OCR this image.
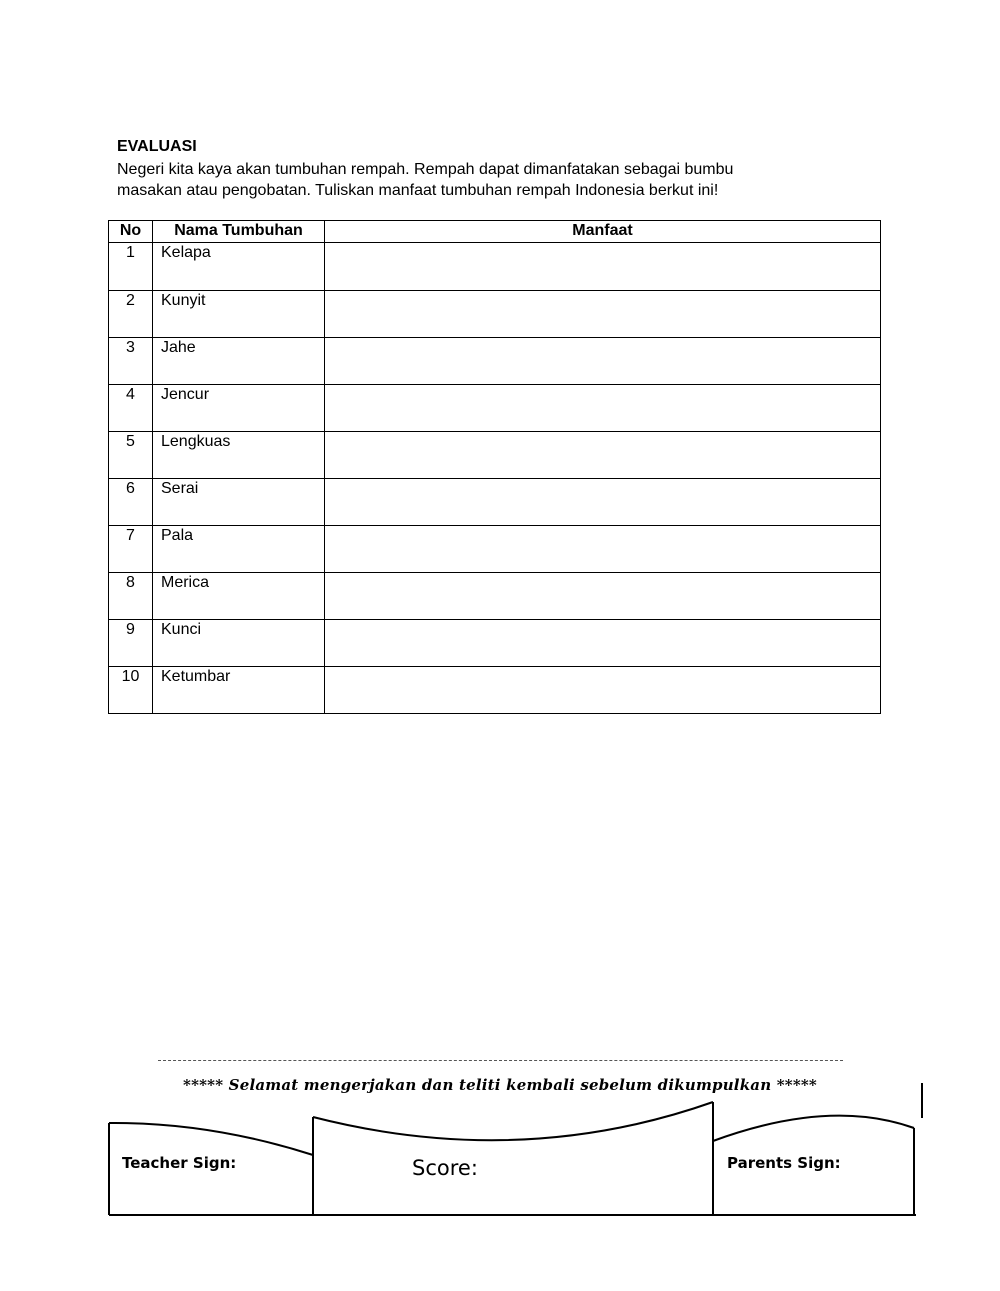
EVALUASI
Negeri kita kaya akan tumbuhan rempah. Rempah dapat dimanfatakan sebagai bumbu
masakan atau pengobatan. Tuliskan manfaat tumbuhan rempah Indonesia berkut ini!
No	Nama Tumbuhan	Manfaat
1	Kelapa	
2	Kunyit	
3	Jahe	
4	Jencur	
5	Lengkuas	
6	Serai	
7	Pala	
8	Merica	
9	Kunci	
10	Ketumbar	
***** Selamat mengerjakan dan teliti kembali sebelum dikumpulkan *****
Teacher Sign:	Score:	Parents Sign:
